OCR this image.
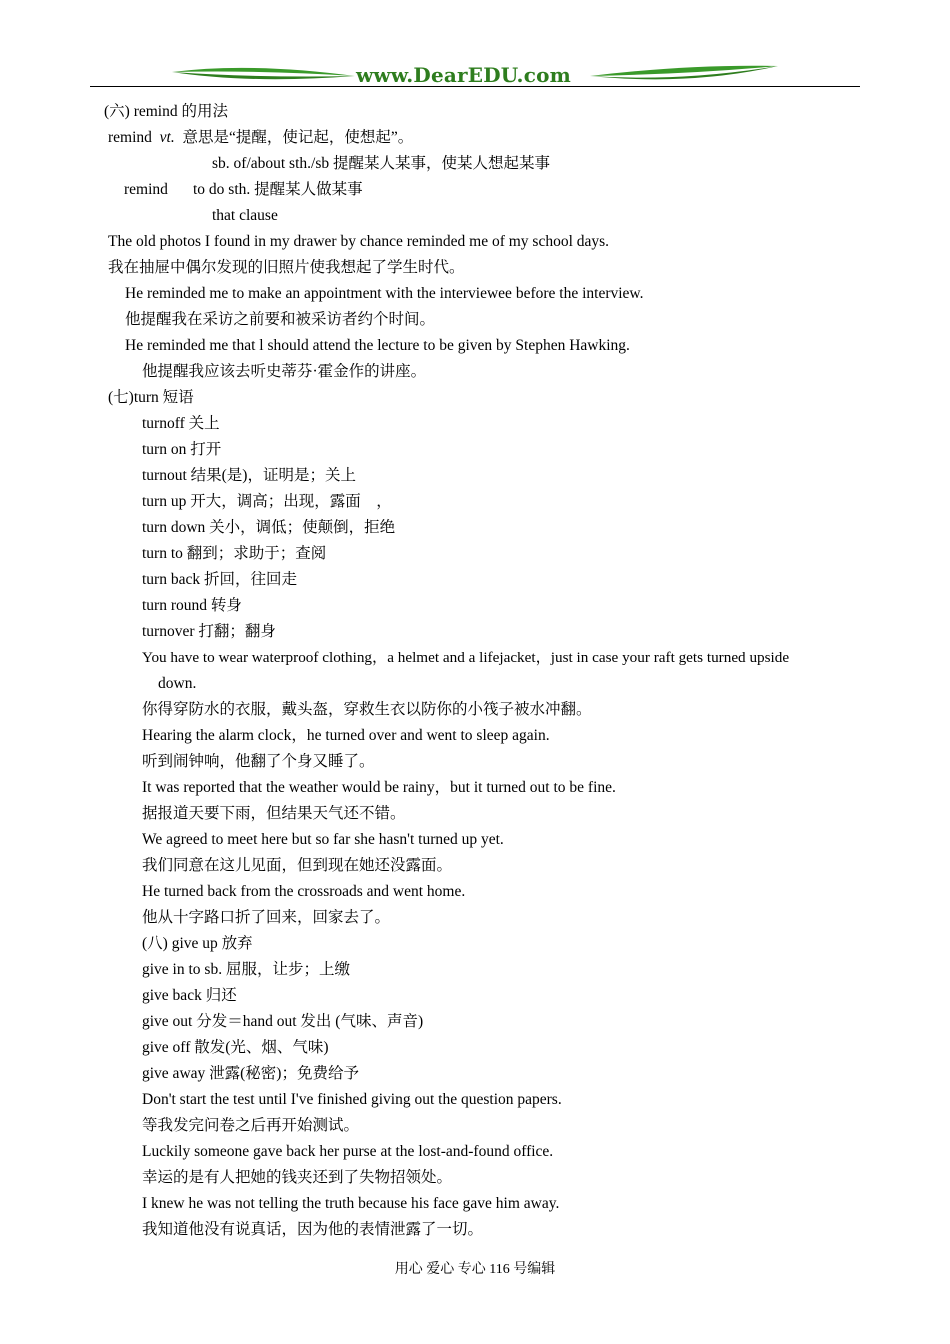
www.DearEDU.com
(六) remind 的用法
remind vt. 意思是“提醒，使记起，使想起”。
sb. of/about sth./sb 提醒某人某事，使某人想起某事
remind to do sth. 提醒某人做某事
that clause
The old photos I found in my drawer by chance reminded me of my school days.
我在抽屉中偶尔发现的旧照片使我想起了学生时代。
He reminded me to make an appointment with the interviewee before the interview.
他提醒我在采访之前要和被采访者约个时间。
He reminded me that l should attend the lecture to be given by Stephen Hawking.
他提醒我应该去听史蒂芬·霍金作的讲座。
(七)turn 短语
turnoff 关上
turn on 打开
turnout 结果(是)，证明是；关上
turn up 开大，调高；出现，露面　，
turn down 关小，调低；使颠倒，拒绝
turn to 翻到；求助于；查阅
turn back 折回，往回走
turn round 转身
turnover 打翻；翻身
You have to wear waterproof clothing，a helmet and a lifejacket，just in case your raft gets turned upside
down.
你得穿防水的衣服，戴头盔，穿救生衣以防你的小筏子被水冲翻。
Hearing the alarm clock，he turned over and went to sleep again.
听到闹钟响，他翻了个身又睡了。
It was reported that the weather would be rainy，but it turned out to be fine.
据报道天要下雨，但结果天气还不错。
We agreed to meet here but so far she hasn't turned up yet.
我们同意在这儿见面，但到现在她还没露面。
He turned back from the crossroads and went home.
他从十字路口折了回来，回家去了。
(八) give up 放弃
give in to sb. 屈服，让步；上缴
give back 归还
give out 分发＝hand out 发出 (气味、声音)
give off 散发(光、烟、气味)
give away 泄露(秘密)；免费给予
Don't start the test until I've finished giving out the question papers.
等我发完问卷之后再开始测试。
Luckily someone gave back her purse at the lost-and-found office.
幸运的是有人把她的钱夹还到了失物招领处。
I knew he was not telling the truth because his face gave him away.
我知道他没有说真话，因为他的表情泄露了一切。
用心 爱心 专心 116 号编辑
